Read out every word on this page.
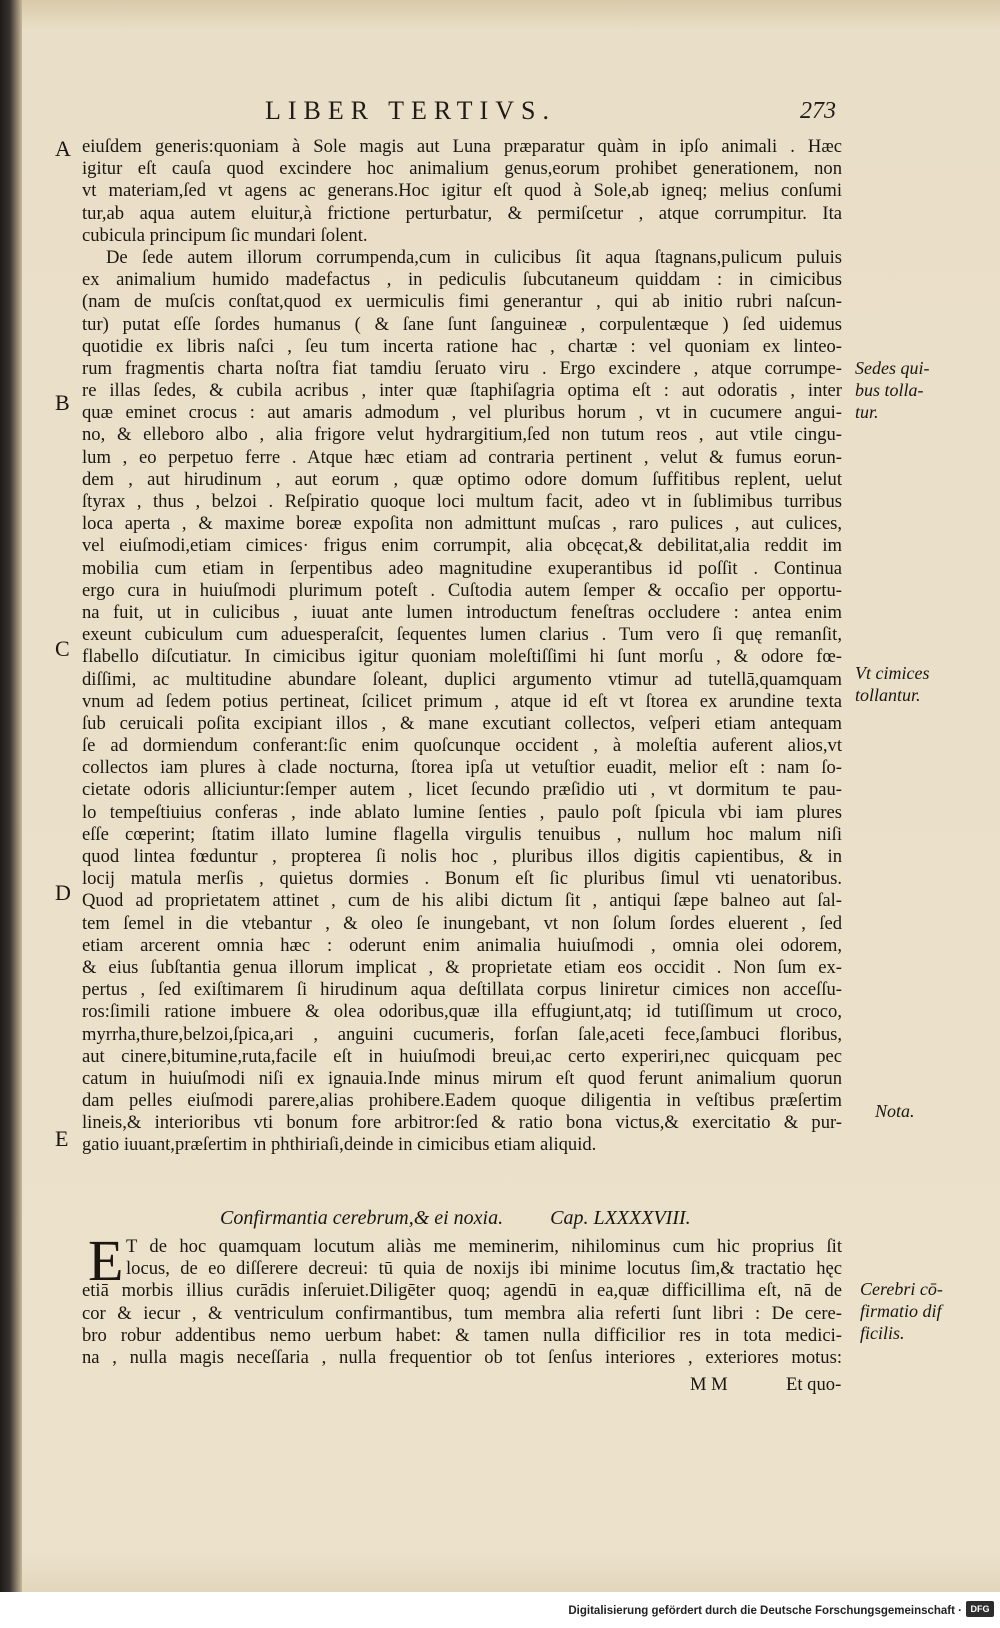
LIBER TERTIVS.	273
A
B
C
D
E
Sedes qui-
bus tolla-
tur.
Vt cimices
tollantur.
Nota.
Cerebri cō-
firmatio dif
ficilis.
eiuſdem generis:quoniam à Sole magis aut Luna præparatur quàm in ipſo animali . Hæc
igitur eſt cauſa quod excindere hoc animalium genus,eorum prohibet generationem, non
vt materiam,ſed vt agens ac generans.Hoc igitur eſt quod à Sole,ab igneq; melius conſumi
tur,ab aqua autem eluitur,à frictione perturbatur, & permiſcetur , atque corrumpitur. Ita
cubicula principum ſic mundari ſolent.
De ſede autem illorum corrumpenda,cum in culicibus ſit aqua ſtagnans,pulicum puluis
ex animalium humido madefactus , in pediculis ſubcutaneum quiddam : in cimicibus
(nam de muſcis conſtat,quod ex uermiculis fimi generantur , qui ab initio rubri naſcun-
tur) putat eſſe ſordes humanus ( & ſane ſunt ſanguineæ , corpulentæque ) ſed uidemus
quotidie ex libris naſci , ſeu tum incerta ratione hac , chartæ : vel quoniam ex linteo-
rum fragmentis charta noſtra fiat tamdiu ſeruato viru . Ergo excindere , atque corrumpe-
re illas ſedes, & cubila acribus , inter quæ ſtaphiſagria optima eſt : aut odoratis , inter
quæ eminet crocus : aut amaris admodum , vel pluribus horum , vt in cucumere angui-
no, & elleboro albo , alia frigore velut hydrargitium,ſed non tutum reos , aut vtile cingu-
lum , eo perpetuo ferre . Atque hæc etiam ad contraria pertinent , velut & fumus eorun-
dem , aut hirudinum , aut eorum , quæ optimo odore domum ſuffitibus replent, uelut
ſtyrax , thus , belzoi . Reſpiratio quoque loci multum facit, adeo vt in ſublimibus turribus
loca aperta , & maxime boreæ expoſita non admittunt muſcas , raro pulices , aut culices,
vel eiuſmodi,etiam cimices· frigus enim corrumpit, alia obcęcat,& debilitat,alia reddit im
mobilia cum etiam in ſerpentibus adeo magnitudine exuperantibus id poſſit . Continua
ergo cura in huiuſmodi plurimum poteſt . Cuſtodia autem ſemper & occaſio per opportu-
na fuit, ut in culicibus , iuuat ante lumen introductum feneſtras occludere : antea enim
exeunt cubiculum cum aduesperaſcit, ſequentes lumen clarius . Tum vero ſi quę remanſit,
flabello diſcutiatur. In cimicibus igitur quoniam moleſtiſſimi hi ſunt morſu , & odore fœ-
diſſimi, ac multitudine abundare ſoleant, duplici argumento vtimur ad tutellā,quamquam
vnum ad ſedem potius pertineat, ſcilicet primum , atque id eſt vt ſtorea ex arundine texta
ſub ceruicali poſita excipiant illos , & mane excutiant collectos, veſperi etiam antequam
ſe ad dormiendum conferant:ſic enim quoſcunque occident , à moleſtia auferent alios,vt
collectos iam plures à clade nocturna, ſtorea ipſa ut vetuſtior euadit, melior eſt : nam ſo-
cietate odoris alliciuntur:ſemper autem , licet ſecundo præſidio uti , vt dormitum te pau-
lo tempeſtiuius conferas , inde ablato lumine ſenties , paulo poſt ſpicula vbi iam plures
eſſe cœperint; ſtatim illato lumine flagella virgulis tenuibus , nullum hoc malum niſi
quod lintea fœduntur , propterea ſi nolis hoc , pluribus illos digitis capientibus, & in
locij matula merſis , quietus dormies . Bonum eſt ſic pluribus ſimul vti uenatoribus.
Quod ad proprietatem attinet , cum de his alibi dictum ſit , antiqui ſæpe balneo aut ſal-
tem ſemel in die vtebantur , & oleo ſe inungebant, vt non ſolum ſordes eluerent , ſed
etiam arcerent omnia hæc : oderunt enim animalia huiuſmodi , omnia olei odorem,
& eius ſubſtantia genua illorum implicat , & proprietate etiam eos occidit . Non ſum ex-
pertus , ſed exiſtimarem ſi hirudinum aqua deſtillata corpus liniretur cimices non acceſſu-
ros:ſimili ratione imbuere & olea odoribus,quæ illa effugiunt,atq; id tutiſſimum ut croco,
myrrha,thure,belzoi,ſpica,ari , anguini cucumeris, forſan ſale,aceti fece,ſambuci floribus,
aut cinere,bitumine,ruta,facile eſt in huiuſmodi breui,ac certo experiri,nec quicquam pec
catum in huiuſmodi niſi ex ignauia.Inde minus mirum eſt quod ferunt animalium quorun
dam pelles eiuſmodi parere,alias prohibere.Eadem quoque diligentia in veſtibus præſertim
lineis,& interioribus vti bonum fore arbitror:ſed & ratio bona victus,& exercitatio & pur-
gatio iuuant,præſertim in phthiriaſi,deinde in cimicibus etiam aliquid.
Confirmantia cerebrum,& ei noxia. Cap. LXXXXVIII.
E T de hoc quamquam locutum aliàs me meminerim, nihilominus cum hic proprius ſit
locus, de eo diſſerere decreui: tū quia de noxijs ibi minime locutus ſim,& tractatio hęc
etiā morbis illius curādis inſeruiet.Diligēter quoq; agendū in ea,quæ difficillima eſt, nā de
cor & iecur , & ventriculum confirmantibus, tum membra alia referti ſunt libri : De cere-
bro robur addentibus nemo uerbum habet: & tamen nulla difficilior res in tota medici-
na , nulla magis neceſſaria , nulla frequentior ob tot ſenſus interiores , exteriores motus:
M M	Et quo-
Digitalisierung gefördert durch die Deutsche Forschungsgemeinschaft · DFG
